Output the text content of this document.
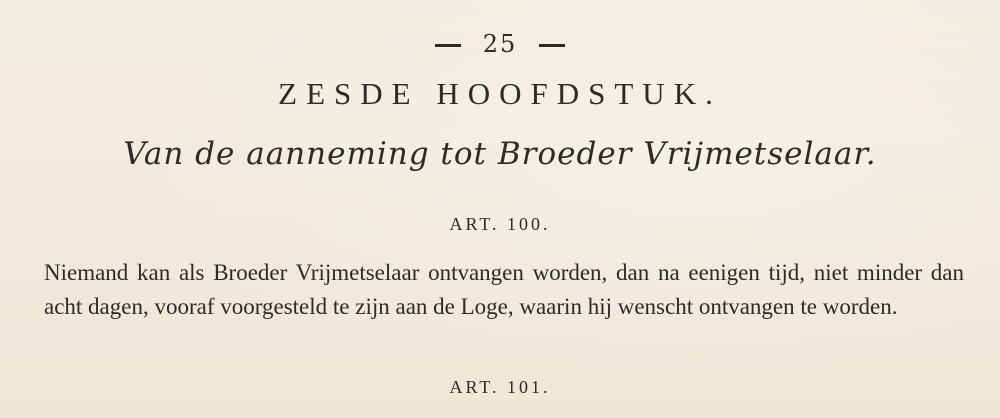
25
ZESDE HOOFDSTUK.
Van de aanneming tot Broeder Vrijmetselaar.
ART. 100.
Niemand kan als Broeder Vrijmetselaar ontvangen worden, dan na eenigen tijd, niet minder dan acht dagen, vooraf voorgesteld te zijn aan de Loge, waarin hij wenscht ontvangen te worden.
ART. 101.
